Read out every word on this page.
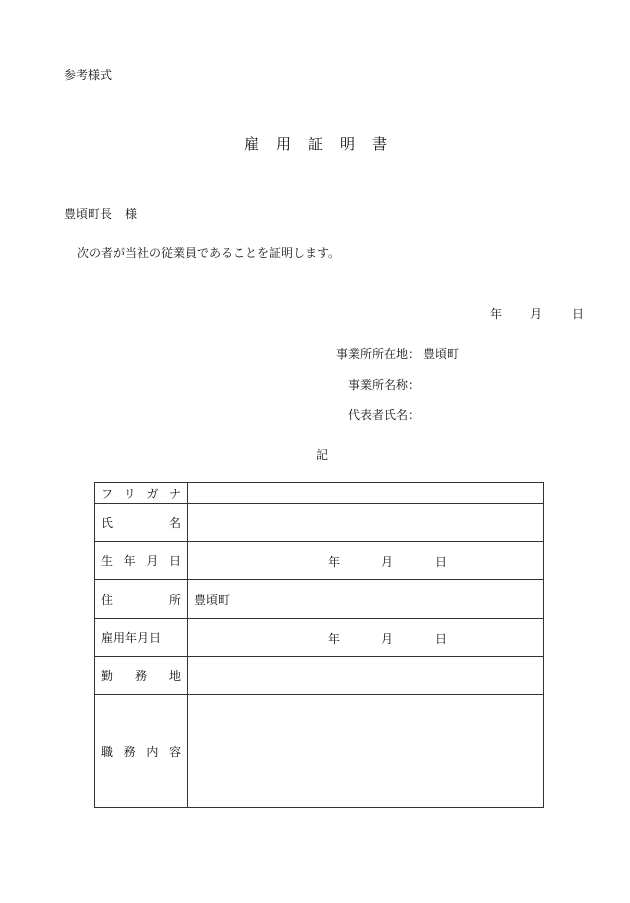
参考様式
雇用証明書
豊頃町長 様
次の者が当社の従業員であることを証明します。
年 月	日
事業所所在地： 豊頃町
事業所名称：
代表者氏名：
記
フ リ ガ ナ	

氏 名	

生 年 月 日	年 月 日

住 所	豊頃町
雇用年月日	年 月 日

勤 務 地	

職 務 内 容	
